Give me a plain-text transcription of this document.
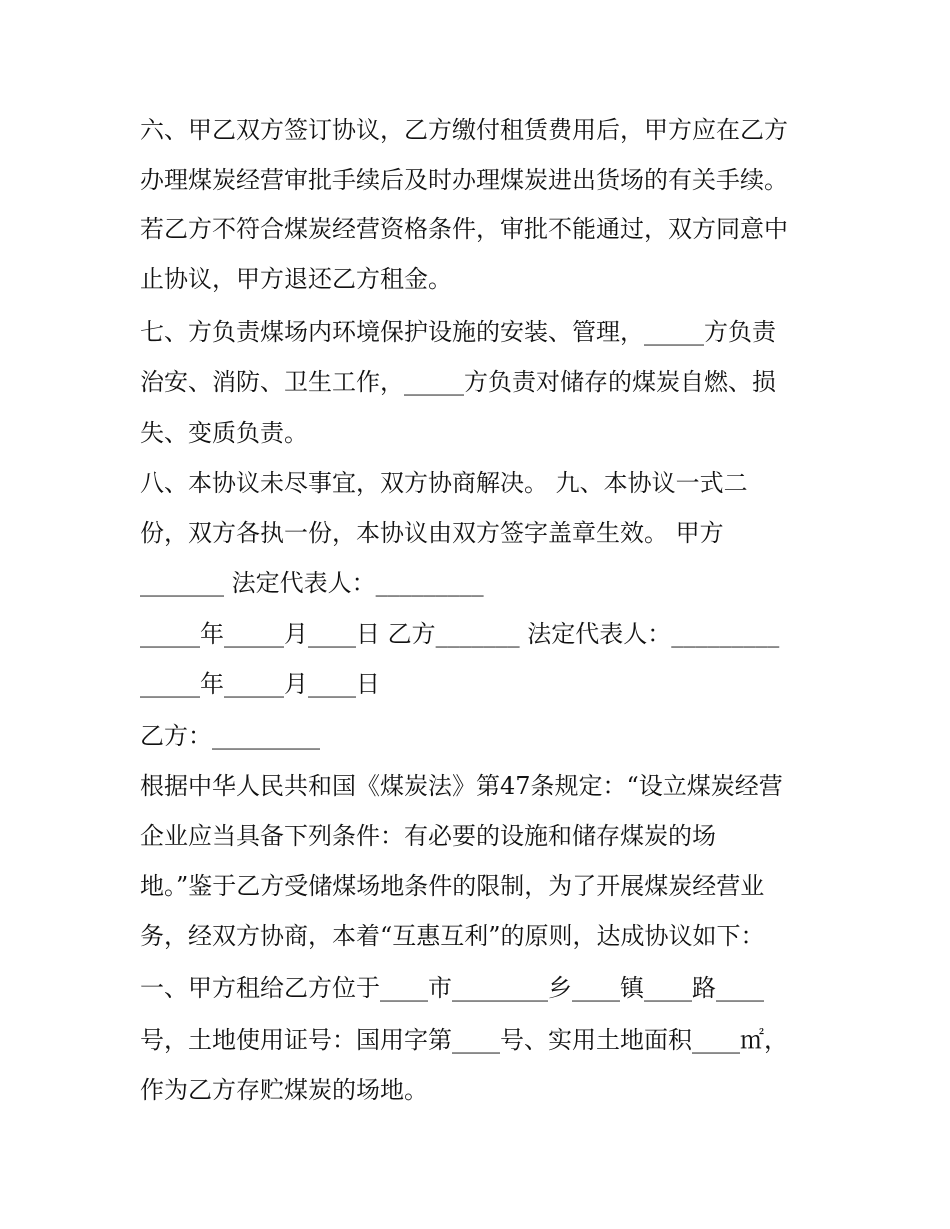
六、甲乙双方签订协议，乙方缴付租赁费用后，甲方应在乙方
办理煤炭经营审批手续后及时办理煤炭进出货场的有关手续。
若乙方不符合煤炭经营资格条件，审批不能通过，双方同意中
止协议，甲方退还乙方租金。
七、方负责煤场内环境保护设施的安装、管理，_____方负责
治安、消防、卫生工作，_____方负责对储存的煤炭自燃、损
失、变质负责。
八、本协议未尽事宜，双方协商解决。 九、本协议一式二
份，双方各执一份，本协议由双方签字盖章生效。 甲方
_______ 法定代表人：_________
_____年_____月____日 乙方_______ 法定代表人：_________
_____年_____月____日
乙方：_________
根据中华人民共和国《煤炭法》第47条规定：“设立煤炭经营
企业应当具备下列条件：有必要的设施和储存煤炭的场
地。”鉴于乙方受储煤场地条件的限制，为了开展煤炭经营业
务，经双方协商，本着“互惠互利”的原则，达成协议如下：
一、甲方租给乙方位于____市________乡____镇____路____
号，土地使用证号：国用字第____号、实用土地面积____㎡，
作为乙方存贮煤炭的场地。
